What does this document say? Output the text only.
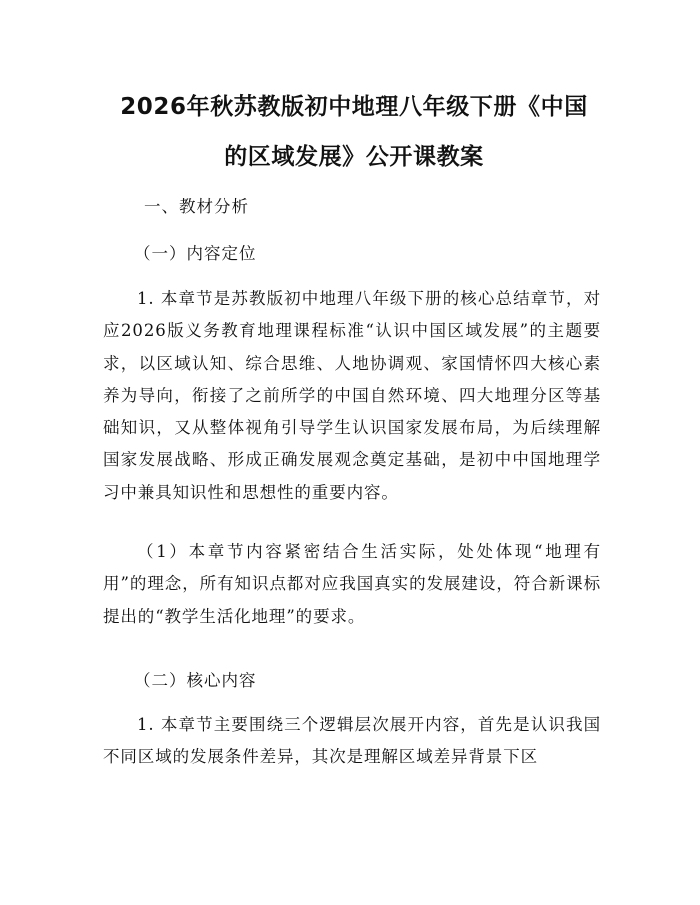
2026年秋苏教版初中地理八年级下册《中国
的区域发展》公开课教案

一、教材分析

（一）内容定位

1. 本章节是苏教版初中地理八年级下册的核心总结章节，对应2026版义务教育地理课程标准“认识中国区域发展”的主题要求，以区域认知、综合思维、人地协调观、家国情怀四大核心素养为导向，衔接了之前所学的中国自然环境、四大地理分区等基础知识，又从整体视角引导学生认识国家发展布局，为后续理解国家发展战略、形成正确发展观念奠定基础，是初中中国地理学习中兼具知识性和思想性的重要内容。

（1）本章节内容紧密结合生活实际，处处体现“地理有用”的理念，所有知识点都对应我国真实的发展建设，符合新课标提出的“教学生活化地理”的要求。

（二）核心内容

1. 本章节主要围绕三个逻辑层次展开内容，首先是认识我国不同区域的发展条件差异，其次是理解区域差异背景下区
